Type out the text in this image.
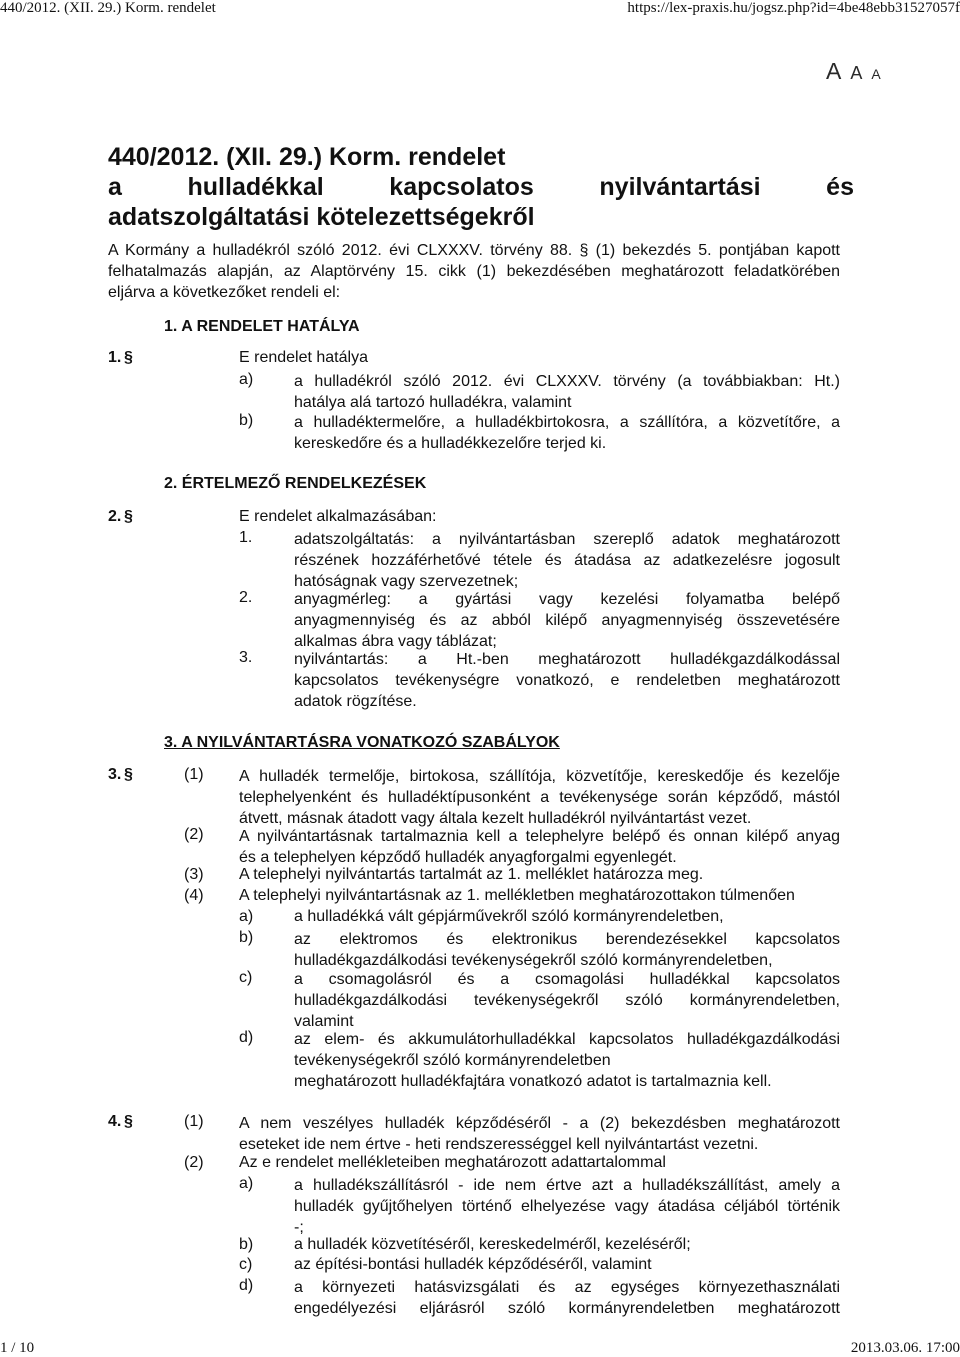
440/2012. (XII. 29.) Korm. rendelet	https://lex-praxis.hu/jogsz.php?id=4be48ebb31527057f
A A A
440/2012. (XII. 29.) Korm. rendelet
a hulladékkal kapcsolatos nyilvántartási és
adatszolgáltatási kötelezettségekről
A Kormány a hulladékról szóló 2012. évi CLXXXV. törvény 88. § (1) bekezdés 5. pontjában kapott
felhatalmazás alapján, az Alaptörvény 15. cikk (1) bekezdésében meghatározott feladatkörében
eljárva a következőket rendeli el:
1. A RENDELET HATÁLYA
1. §	E rendelet hatálya
a)	a hulladékról szóló 2012. évi CLXXXV. törvény (a továbbiakban: Ht.)
hatálya alá tartozó hulladékra, valamint
b)	a hulladéktermelőre, a hulladékbirtokosra, a szállítóra, a közvetítőre, a
kereskedőre és a hulladékkezelőre terjed ki.
2. ÉRTELMEZŐ RENDELKEZÉSEK
2. §	E rendelet alkalmazásában:
1.	adatszolgáltatás: a nyilvántartásban szereplő adatok meghatározott
részének hozzáférhetővé tétele és átadása az adatkezelésre jogosult
hatóságnak vagy szervezetnek;
2.	anyagmérleg: a gyártási vagy kezelési folyamatba belépő
anyagmennyiség és az abból kilépő anyagmennyiség összevetésére
alkalmas ábra vagy táblázat;
3.	nyilvántartás: a Ht.-ben meghatározott hulladékgazdálkodással
kapcsolatos tevékenységre vonatkozó, e rendeletben meghatározott
adatok rögzítése.
3. A NYILVÁNTARTÁSRA VONATKOZÓ SZABÁLYOK
3. §	(1) A hulladék termelője, birtokosa, szállítója, közvetítője, kereskedője és kezelője
telephelyenként és hulladéktípusonként a tevékenysége során képződő, mástól
átvett, másnak átadott vagy általa kezelt hulladékról nyilvántartást vezet.
(2) A nyilvántartásnak tartalmaznia kell a telephelyre belépő és onnan kilépő anyag
és a telephelyen képződő hulladék anyagforgalmi egyenlegét.
(3) A telephelyi nyilvántartás tartalmát az 1. melléklet határozza meg.
(4) A telephelyi nyilvántartásnak az 1. mellékletben meghatározottakon túlmenően
a)	a hulladékká vált gépjárművekről szóló kormányrendeletben,
b)	az elektromos és elektronikus berendezésekkel kapcsolatos
hulladékgazdálkodási tevékenységekről szóló kormányrendeletben,
c)	a csomagolásról és a csomagolási hulladékkal kapcsolatos
hulladékgazdálkodási tevékenységekről szóló kormányrendeletben,
valamint
d)	az elem- és akkumulátorhulladékkal kapcsolatos hulladékgazdálkodási
tevékenységekről szóló kormányrendeletben
meghatározott hulladékfajtára vonatkozó adatot is tartalmaznia kell.
4. §	(1) A nem veszélyes hulladék képződéséről - a (2) bekezdésben meghatározott
eseteket ide nem értve - heti rendszerességgel kell nyilvántartást vezetni.
(2) Az e rendelet mellékleteiben meghatározott adattartalommal
a)	a hulladékszállításról - ide nem értve azt a hulladékszállítást, amely a
hulladék gyűjtőhelyen történő elhelyezése vagy átadása céljából történik
-;
b)	a hulladék közvetítéséről, kereskedelméről, kezeléséről;
c)	az építési-bontási hulladék képződéséről, valamint
d)	a környezeti hatásvizsgálati és az egységes környezethasználati
engedélyezési eljárásról szóló kormányrendeletben meghatározott
1 / 10	2013.03.06. 17:00
